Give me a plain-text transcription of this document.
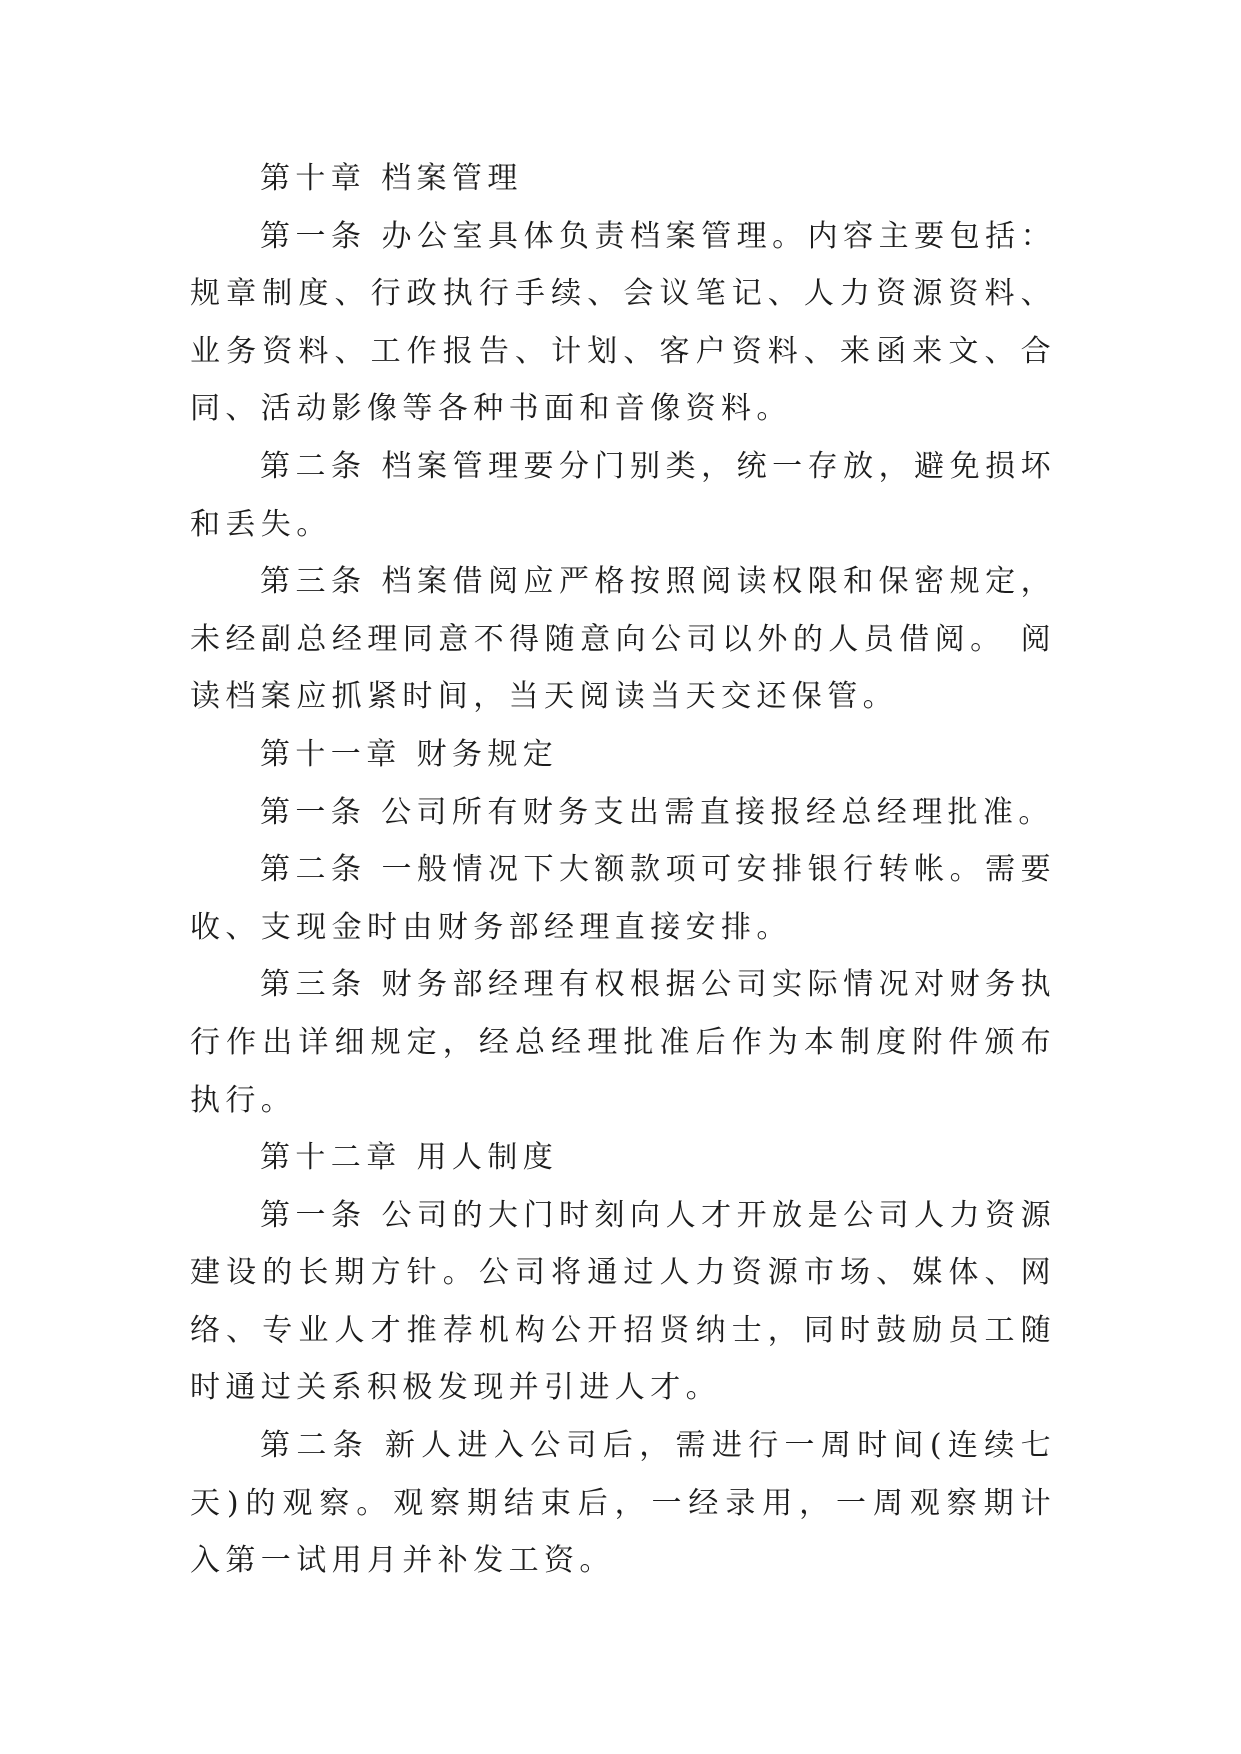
第十章 档案管理

第一条 办公室具体负责档案管理。内容主要包括：规章制度、行政执行手续、会议笔记、人力资源资料、业务资料、工作报告、计划、客户资料、来函来文、合同、活动影像等各种书面和音像资料。

第二条 档案管理要分门别类，统一存放，避免损坏和丢失。

第三条 档案借阅应严格按照阅读权限和保密规定，未经副总经理同意不得随意向公司以外的人员借阅。 阅读档案应抓紧时间，当天阅读当天交还保管。

第十一章 财务规定

第一条 公司所有财务支出需直接报经总经理批准。

第二条 一般情况下大额款项可安排银行转帐。需要收、支现金时由财务部经理直接安排。

第三条 财务部经理有权根据公司实际情况对财务执行作出详细规定，经总经理批准后作为本制度附件颁布执行。

第十二章 用人制度

第一条 公司的大门时刻向人才开放是公司人力资源建设的长期方针。公司将通过人力资源市场、媒体、网络、专业人才推荐机构公开招贤纳士，同时鼓励员工随时通过关系积极发现并引进人才。

第二条 新人进入公司后，需进行一周时间(连续七天)的观察。观察期结束后，一经录用，一周观察期计入第一试用月并补发工资。
